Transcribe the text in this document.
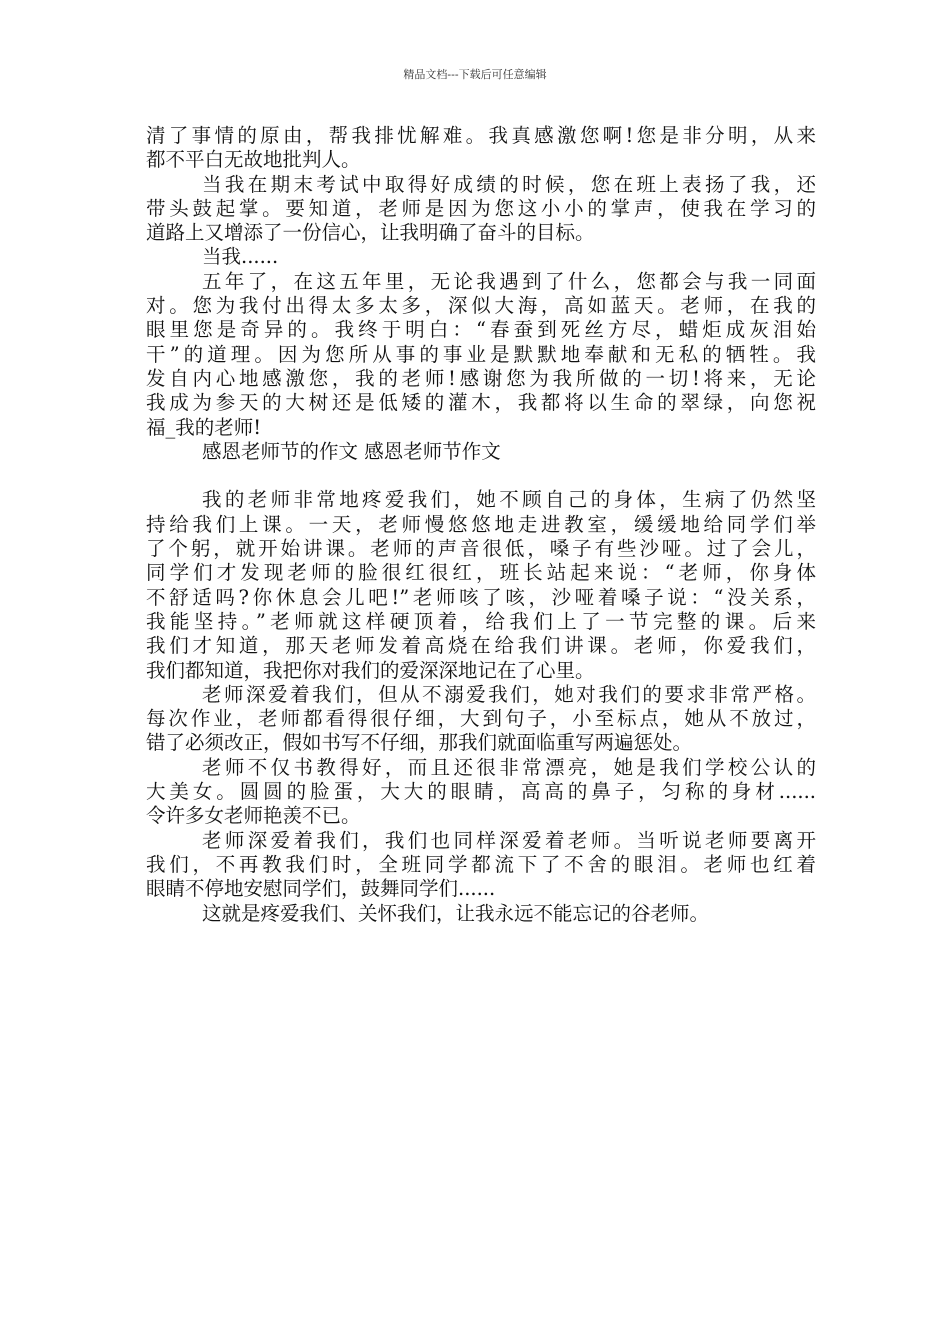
精品文档---下载后可任意编辑
清了事情的原由，帮我排忧解难。我真感激您啊!您是非分明，从来
都不平白无故地批判人。
当我在期末考试中取得好成绩的时候，您在班上表扬了我，还
带头鼓起掌。要知道，老师是因为您这小小的掌声，使我在学习的
道路上又增添了一份信心，让我明确了奋斗的目标。
当我......
五年了，在这五年里，无论我遇到了什么，您都会与我一同面
对。您为我付出得太多太多，深似大海，高如蓝天。老师，在我的
眼里您是奇异的。我终于明白：“春蚕到死丝方尽，蜡炬成灰泪始
干”的道理。因为您所从事的事业是默默地奉献和无私的牺牲。我
发自内心地感激您，我的老师!感谢您为我所做的一切!将来，无论
我成为参天的大树还是低矮的灌木，我都将以生命的翠绿，向您祝
福_我的老师!
感恩老师节的作文 感恩老师节作文
我的老师非常地疼爱我们，她不顾自己的身体，生病了仍然坚
持给我们上课。一天，老师慢悠悠地走进教室，缓缓地给同学们举
了个躬，就开始讲课。老师的声音很低，嗓子有些沙哑。过了会儿，
同学们才发现老师的脸很红很红，班长站起来说：“老师，你身体
不舒适吗?你休息会儿吧!”老师咳了咳，沙哑着嗓子说：“没关系，
我能坚持。”老师就这样硬顶着，给我们上了一节完整的课。后来
我们才知道，那天老师发着高烧在给我们讲课。老师，你爱我们，
我们都知道，我把你对我们的爱深深地记在了心里。
老师深爱着我们，但从不溺爱我们，她对我们的要求非常严格。
每次作业，老师都看得很仔细，大到句子，小至标点，她从不放过，
错了必须改正，假如书写不仔细，那我们就面临重写两遍惩处。
老师不仅书教得好，而且还很非常漂亮，她是我们学校公认的
大美女。圆圆的脸蛋，大大的眼睛，高高的鼻子，匀称的身材......
令许多女老师艳羡不已。
老师深爱着我们，我们也同样深爱着老师。当听说老师要离开
我们，不再教我们时，全班同学都流下了不舍的眼泪。老师也红着
眼睛不停地安慰同学们，鼓舞同学们......
这就是疼爱我们、关怀我们，让我永远不能忘记的谷老师。
